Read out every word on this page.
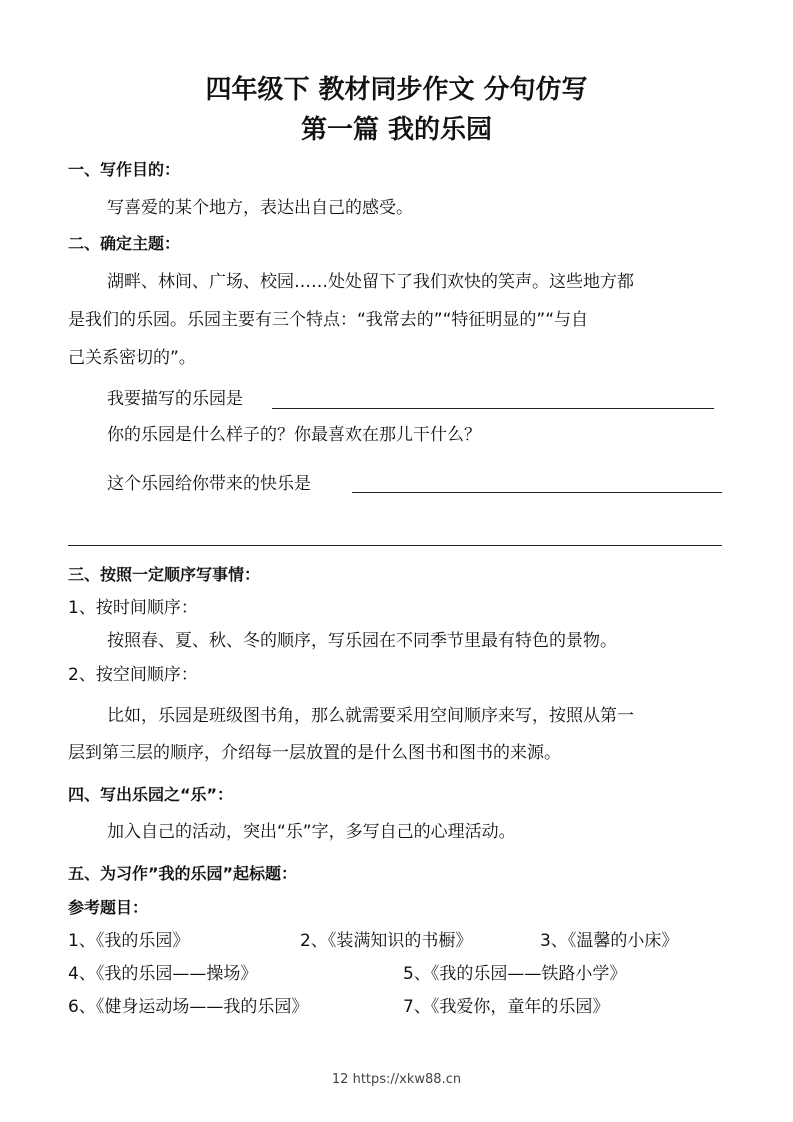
四年级下 教材同步作文 分句仿写
第一篇 我的乐园
一、写作目的：
写喜爱的某个地方，表达出自己的感受。
二、确定主题：
湖畔、林间、广场、校园……处处留下了我们欢快的笑声。这些地方都
是我们的乐园。乐园主要有三个特点：“我常去的”“特征明显的”“与自
己关系密切的”。
我要描写的乐园是
你的乐园是什么样子的？你最喜欢在那儿干什么？
这个乐园给你带来的快乐是
三、按照一定顺序写事情：
1、按时间顺序：
按照春、夏、秋、冬的顺序，写乐园在不同季节里最有特色的景物。
2、按空间顺序：
比如，乐园是班级图书角，那么就需要采用空间顺序来写，按照从第一
层到第三层的顺序，介绍每一层放置的是什么图书和图书的来源。
四、写出乐园之“乐”：
加入自己的活动，突出“乐”字，多写自己的心理活动。
五、为习作”我的乐园”起标题：
参考题目：
1、《我的乐园》	2、《装满知识的书橱》	3、《温馨的小床》
4、《我的乐园——操场》	5、《我的乐园——铁路小学》
6、《健身运动场——我的乐园》	7、《我爱你，童年的乐园》
12 https://xkw88.cn
